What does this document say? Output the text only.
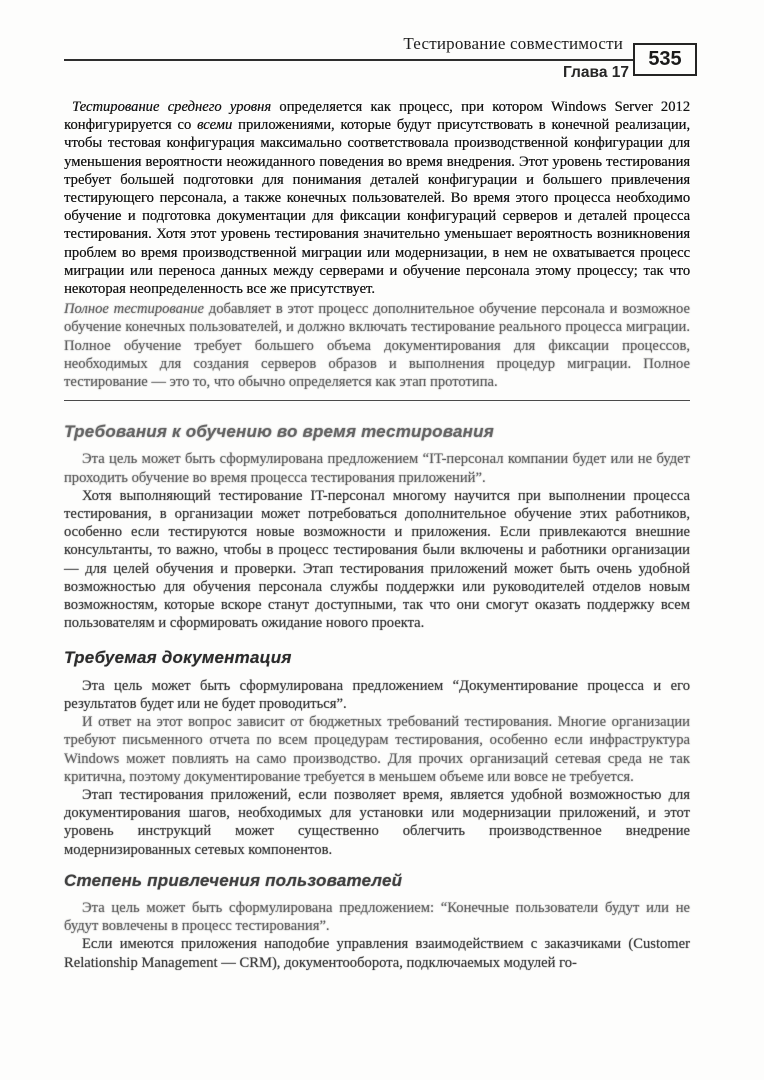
Тестирование совместимости
Глава 17
535

Тестирование среднего уровня определяется как процесс, при котором Windows Server 2012 конфигурируется со всеми приложениями, которые будут присутствовать в конечной реализации, чтобы тестовая конфигурация максимально соответствовала производственной конфигурации для уменьшения вероятности неожиданного поведения во время внедрения. Этот уровень тестирования требует большей подготовки для понимания деталей конфигурации и большего привлечения тестирующего персонала, а также конечных пользователей. Во время этого процесса необходимо обучение и подготовка документации для фиксации конфигураций серверов и деталей процесса тестирования. Хотя этот уровень тестирования значительно уменьшает вероятность возникновения проблем во время производственной миграции или модернизации, в нем не охватывается процесс миграции или переноса данных между серверами и обучение персонала этому процессу; так что некоторая неопределенность все же присутствует.

Полное тестирование добавляет в этот процесс дополнительное обучение персонала и возможное обучение конечных пользователей, и должно включать тестирование реального процесса миграции. Полное обучение требует большего объема документирования для фиксации процессов, необходимых для создания серверов образов и выполнения процедур миграции. Полное тестирование — это то, что обычно определяется как этап прототипа.

Требования к обучению во время тестирования

Эта цель может быть сформулирована предложением “IT-персонал компании будет или не будет проходить обучение во время процесса тестирования приложений”.

Хотя выполняющий тестирование IT-персонал многому научится при выполнении процесса тестирования, в организации может потребоваться дополнительное обучение этих работников, особенно если тестируются новые возможности и приложения. Если привлекаются внешние консультанты, то важно, чтобы в процесс тестирования были включены и работники организации — для целей обучения и проверки. Этап тестирования приложений может быть очень удобной возможностью для обучения персонала службы поддержки или руководителей отделов новым возможностям, которые вскоре станут доступными, так что они смогут оказать поддержку всем пользователям и сформировать ожидание нового проекта.

Требуемая документация

Эта цель может быть сформулирована предложением “Документирование процесса и его результатов будет или не будет проводиться”.

И ответ на этот вопрос зависит от бюджетных требований тестирования. Многие организации требуют письменного отчета по всем процедурам тестирования, особенно если инфраструктура Windows может повлиять на само производство. Для прочих организаций сетевая среда не так критична, поэтому документирование требуется в меньшем объеме или вовсе не требуется.

Этап тестирования приложений, если позволяет время, является удобной возможностью для документирования шагов, необходимых для установки или модернизации приложений, и этот уровень инструкций может существенно облегчить производственное внедрение модернизированных сетевых компонентов.

Степень привлечения пользователей

Эта цель может быть сформулирована предложением: “Конечные пользователи будут или не будут вовлечены в процесс тестирования”.

Если имеются приложения наподобие управления взаимодействием с заказчиками (Customer Relationship Management — CRM), документооборота, подключаемых модулей го-
